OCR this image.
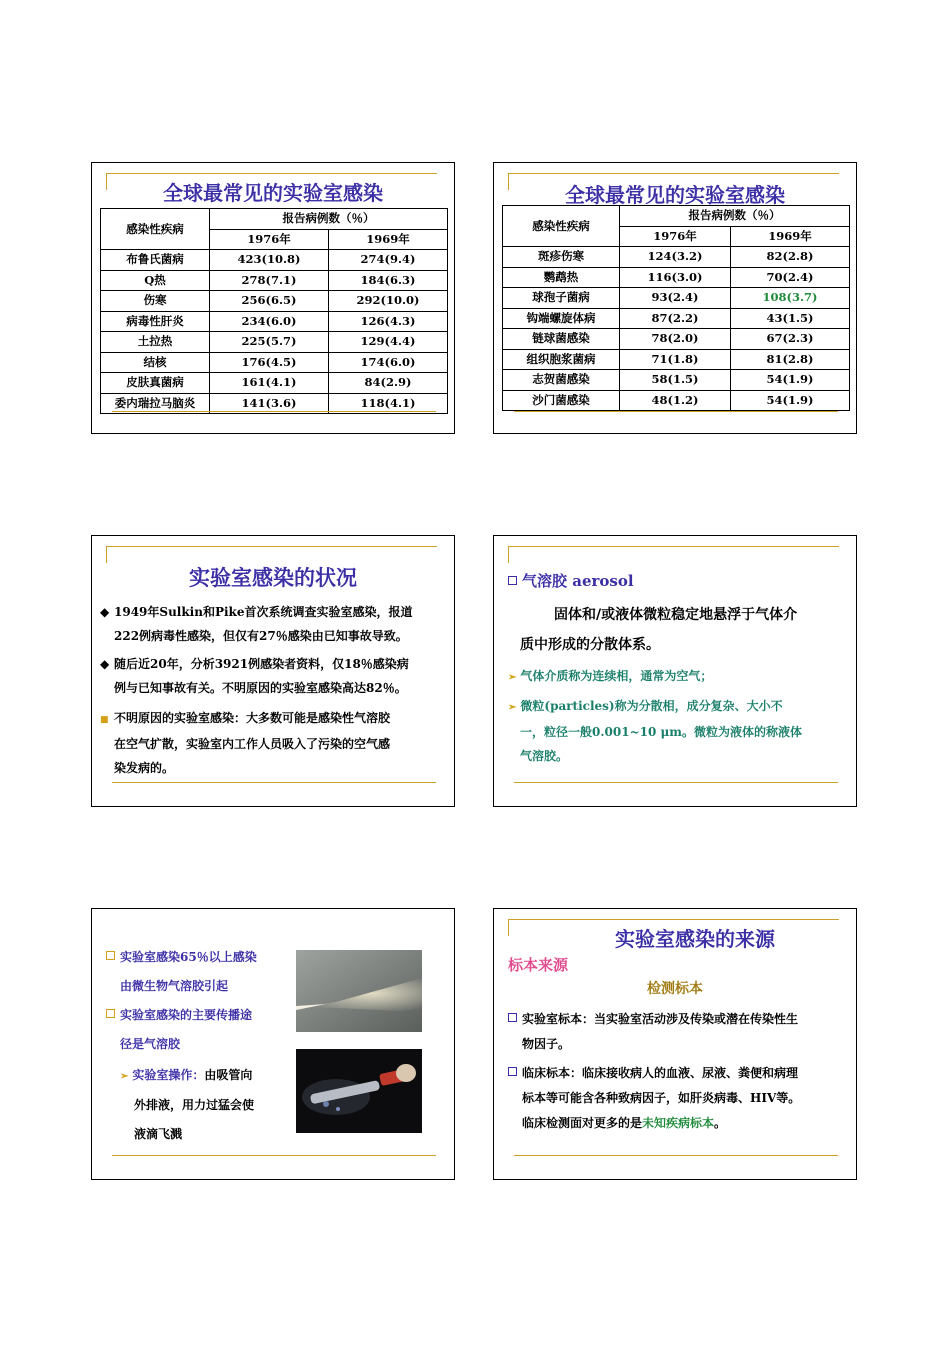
全球最常见的实验室感染
感染性疾病	报告病例数（％）	
	1976年	1969年
布鲁氏菌病	423(10.8)	274(9.4)
Q热	278(7.1)	184(6.3)
伤寒	256(6.5)	292(10.0)
病毒性肝炎	234(6.0)	126(4.3)
土拉热	225(5.7)	129(4.4)
结核	176(4.5)	174(6.0)
皮肤真菌病	161(4.1)	84(2.9)
委内瑞拉马脑炎	141(3.6)	118(4.1)
全球最常见的实验室感染
感染性疾病	报告病例数（％）	
	1976年	1969年
斑疹伤寒	124(3.2)	82(2.8)
鹦鹉热	116(3.0)	70(2.4)
球孢子菌病	93(2.4)	108(3.7)
钩端螺旋体病	87(2.2)	43(1.5)
链球菌感染	78(2.0)	67(2.3)
组织胞浆菌病	71(1.8)	81(2.8)
志贺菌感染	58(1.5)	54(1.9)
沙门菌感染	48(1.2)	54(1.9)
实验室感染的状况
◆ 1949年Sulkin和Pike首次系统调查实验室感染，报道
222例病毒性感染，但仅有27％感染由已知事故导致。
◆ 随后近20年，分析3921例感染者资料，仅18％感染病
例与已知事故有关。不明原因的实验室感染高达82％。
■ 不明原因的实验室感染：大多数可能是感染性气溶胶
在空气扩散，实验室内工作人员吸入了污染的空气感
染发病的。
气溶胶 aerosol
固体和/或液体微粒稳定地悬浮于气体介
质中形成的分散体系。
➢ 气体介质称为连续相，通常为空气；
➢ 微粒(particles)称为分散相，成分复杂、大小不
一，粒径一般0.001~10 μm。微粒为液体的称液体
气溶胶。
实验室感染65％以上感染
由微生物气溶胶引起
实验室感染的主要传播途
径是气溶胶
➢ 实验室操作：由吸管向
外排液，用力过猛会使
液滴飞溅
实验室感染的来源
标本来源
检测标本
实验室标本：当实验室活动涉及传染或潜在传染性生
物因子。
临床标本：临床接收病人的血液、尿液、粪便和病理
标本等可能含各种致病因子，如肝炎病毒、HIV等。
临床检测面对更多的是未知疾病标本。
